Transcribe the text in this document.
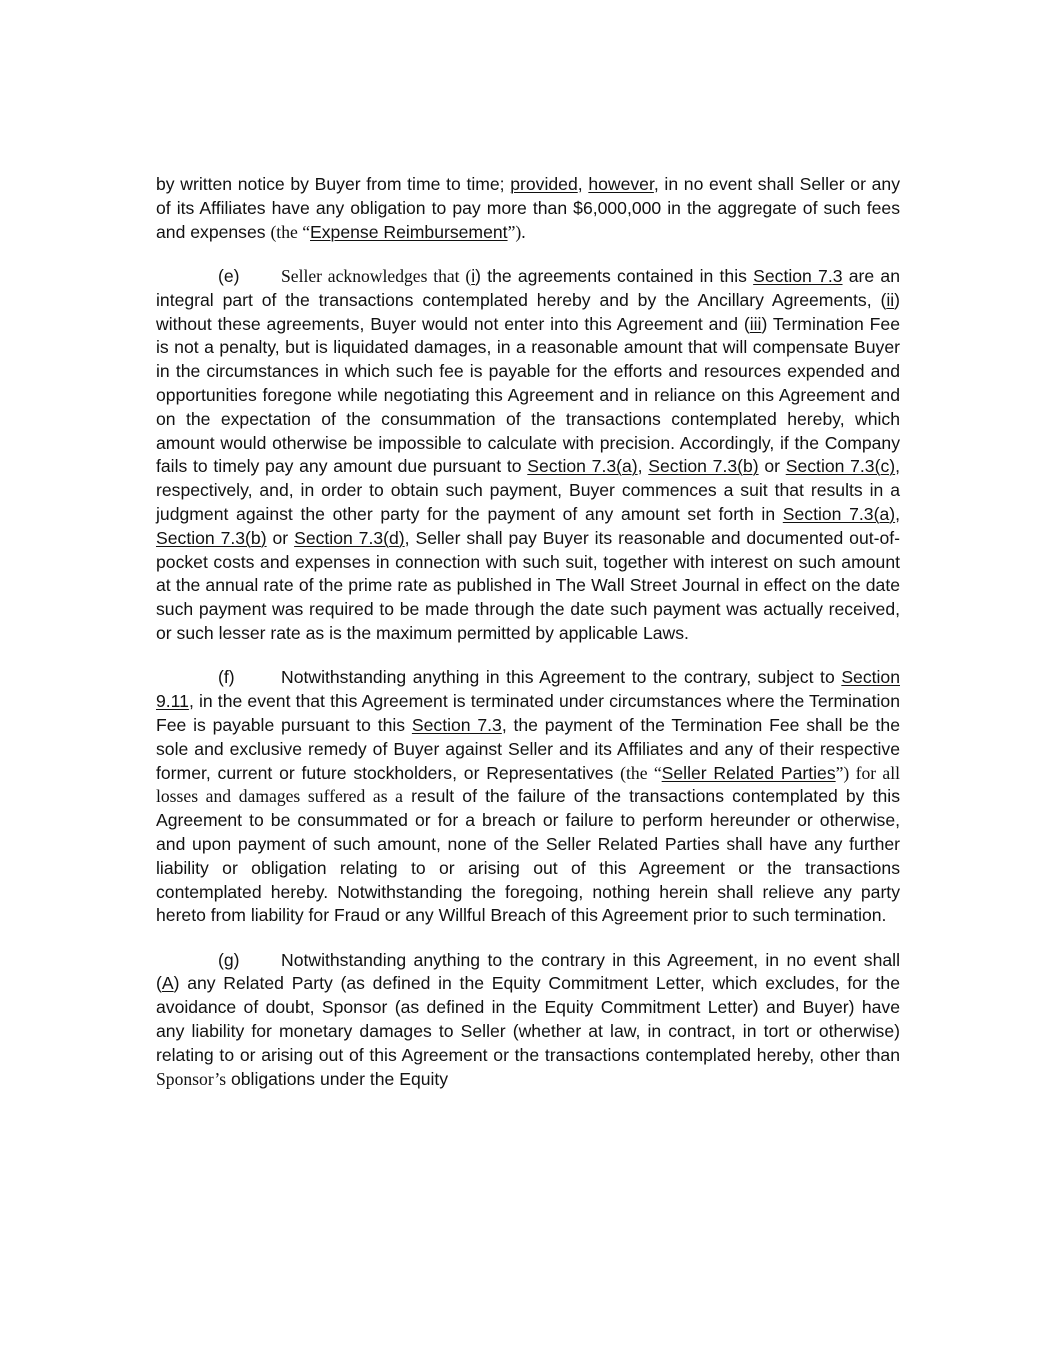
by written notice by Buyer from time to time; provided, however, in no event shall Seller or any of its Affiliates have any obligation to pay more than $6,000,000 in the aggregate of such fees and expenses (the “Expense Reimbursement”).

(e) Seller acknowledges that (i) the agreements contained in this Section 7.3 are an integral part of the transactions contemplated hereby and by the Ancillary Agreements, (ii) without these agreements, Buyer would not enter into this Agreement and (iii) Termination Fee is not a penalty, but is liquidated damages, in a reasonable amount that will compensate Buyer in the circumstances in which such fee is payable for the efforts and resources expended and opportunities foregone while negotiating this Agreement and in reliance on this Agreement and on the expectation of the consummation of the transactions contemplated hereby, which amount would otherwise be impossible to calculate with precision. Accordingly, if the Company fails to timely pay any amount due pursuant to Section 7.3(a), Section 7.3(b) or Section 7.3(c), respectively, and, in order to obtain such payment, Buyer commences a suit that results in a judgment against the other party for the payment of any amount set forth in Section 7.3(a), Section 7.3(b) or Section 7.3(d), Seller shall pay Buyer its reasonable and documented out-of-pocket costs and expenses in connection with such suit, together with interest on such amount at the annual rate of the prime rate as published in The Wall Street Journal in effect on the date such payment was required to be made through the date such payment was actually received, or such lesser rate as is the maximum permitted by applicable Laws.

(f)	Notwithstanding anything in this Agreement to the contrary, subject to Section 9.11, in the event that this Agreement is terminated under circumstances where the Termination Fee is payable pursuant to this Section 7.3, the payment of the Termination Fee shall be the sole and exclusive remedy of Buyer against Seller and its Affiliates and any of their respective former, current or future stockholders, or Representatives (the “Seller Related Parties”) for all losses and damages suffered as a result of the failure of the transactions contemplated by this Agreement to be consummated or for a breach or failure to perform hereunder or otherwise, and upon payment of such amount, none of the Seller Related Parties shall have any further liability or obligation relating to or arising out of this Agreement or the transactions contemplated hereby. Notwithstanding the foregoing, nothing herein shall relieve any party hereto from liability for Fraud or any Willful Breach of this Agreement prior to such termination.

(g) Notwithstanding anything to the contrary in this Agreement, in no event shall (A) any Related Party (as defined in the Equity Commitment Letter, which excludes, for the avoidance of doubt, Sponsor (as defined in the Equity Commitment Letter) and Buyer) have any liability for monetary damages to Seller (whether at law, in contract, in tort or otherwise) relating to or arising out of this Agreement or the transactions contemplated hereby, other than Sponsor’s obligations under the Equity
